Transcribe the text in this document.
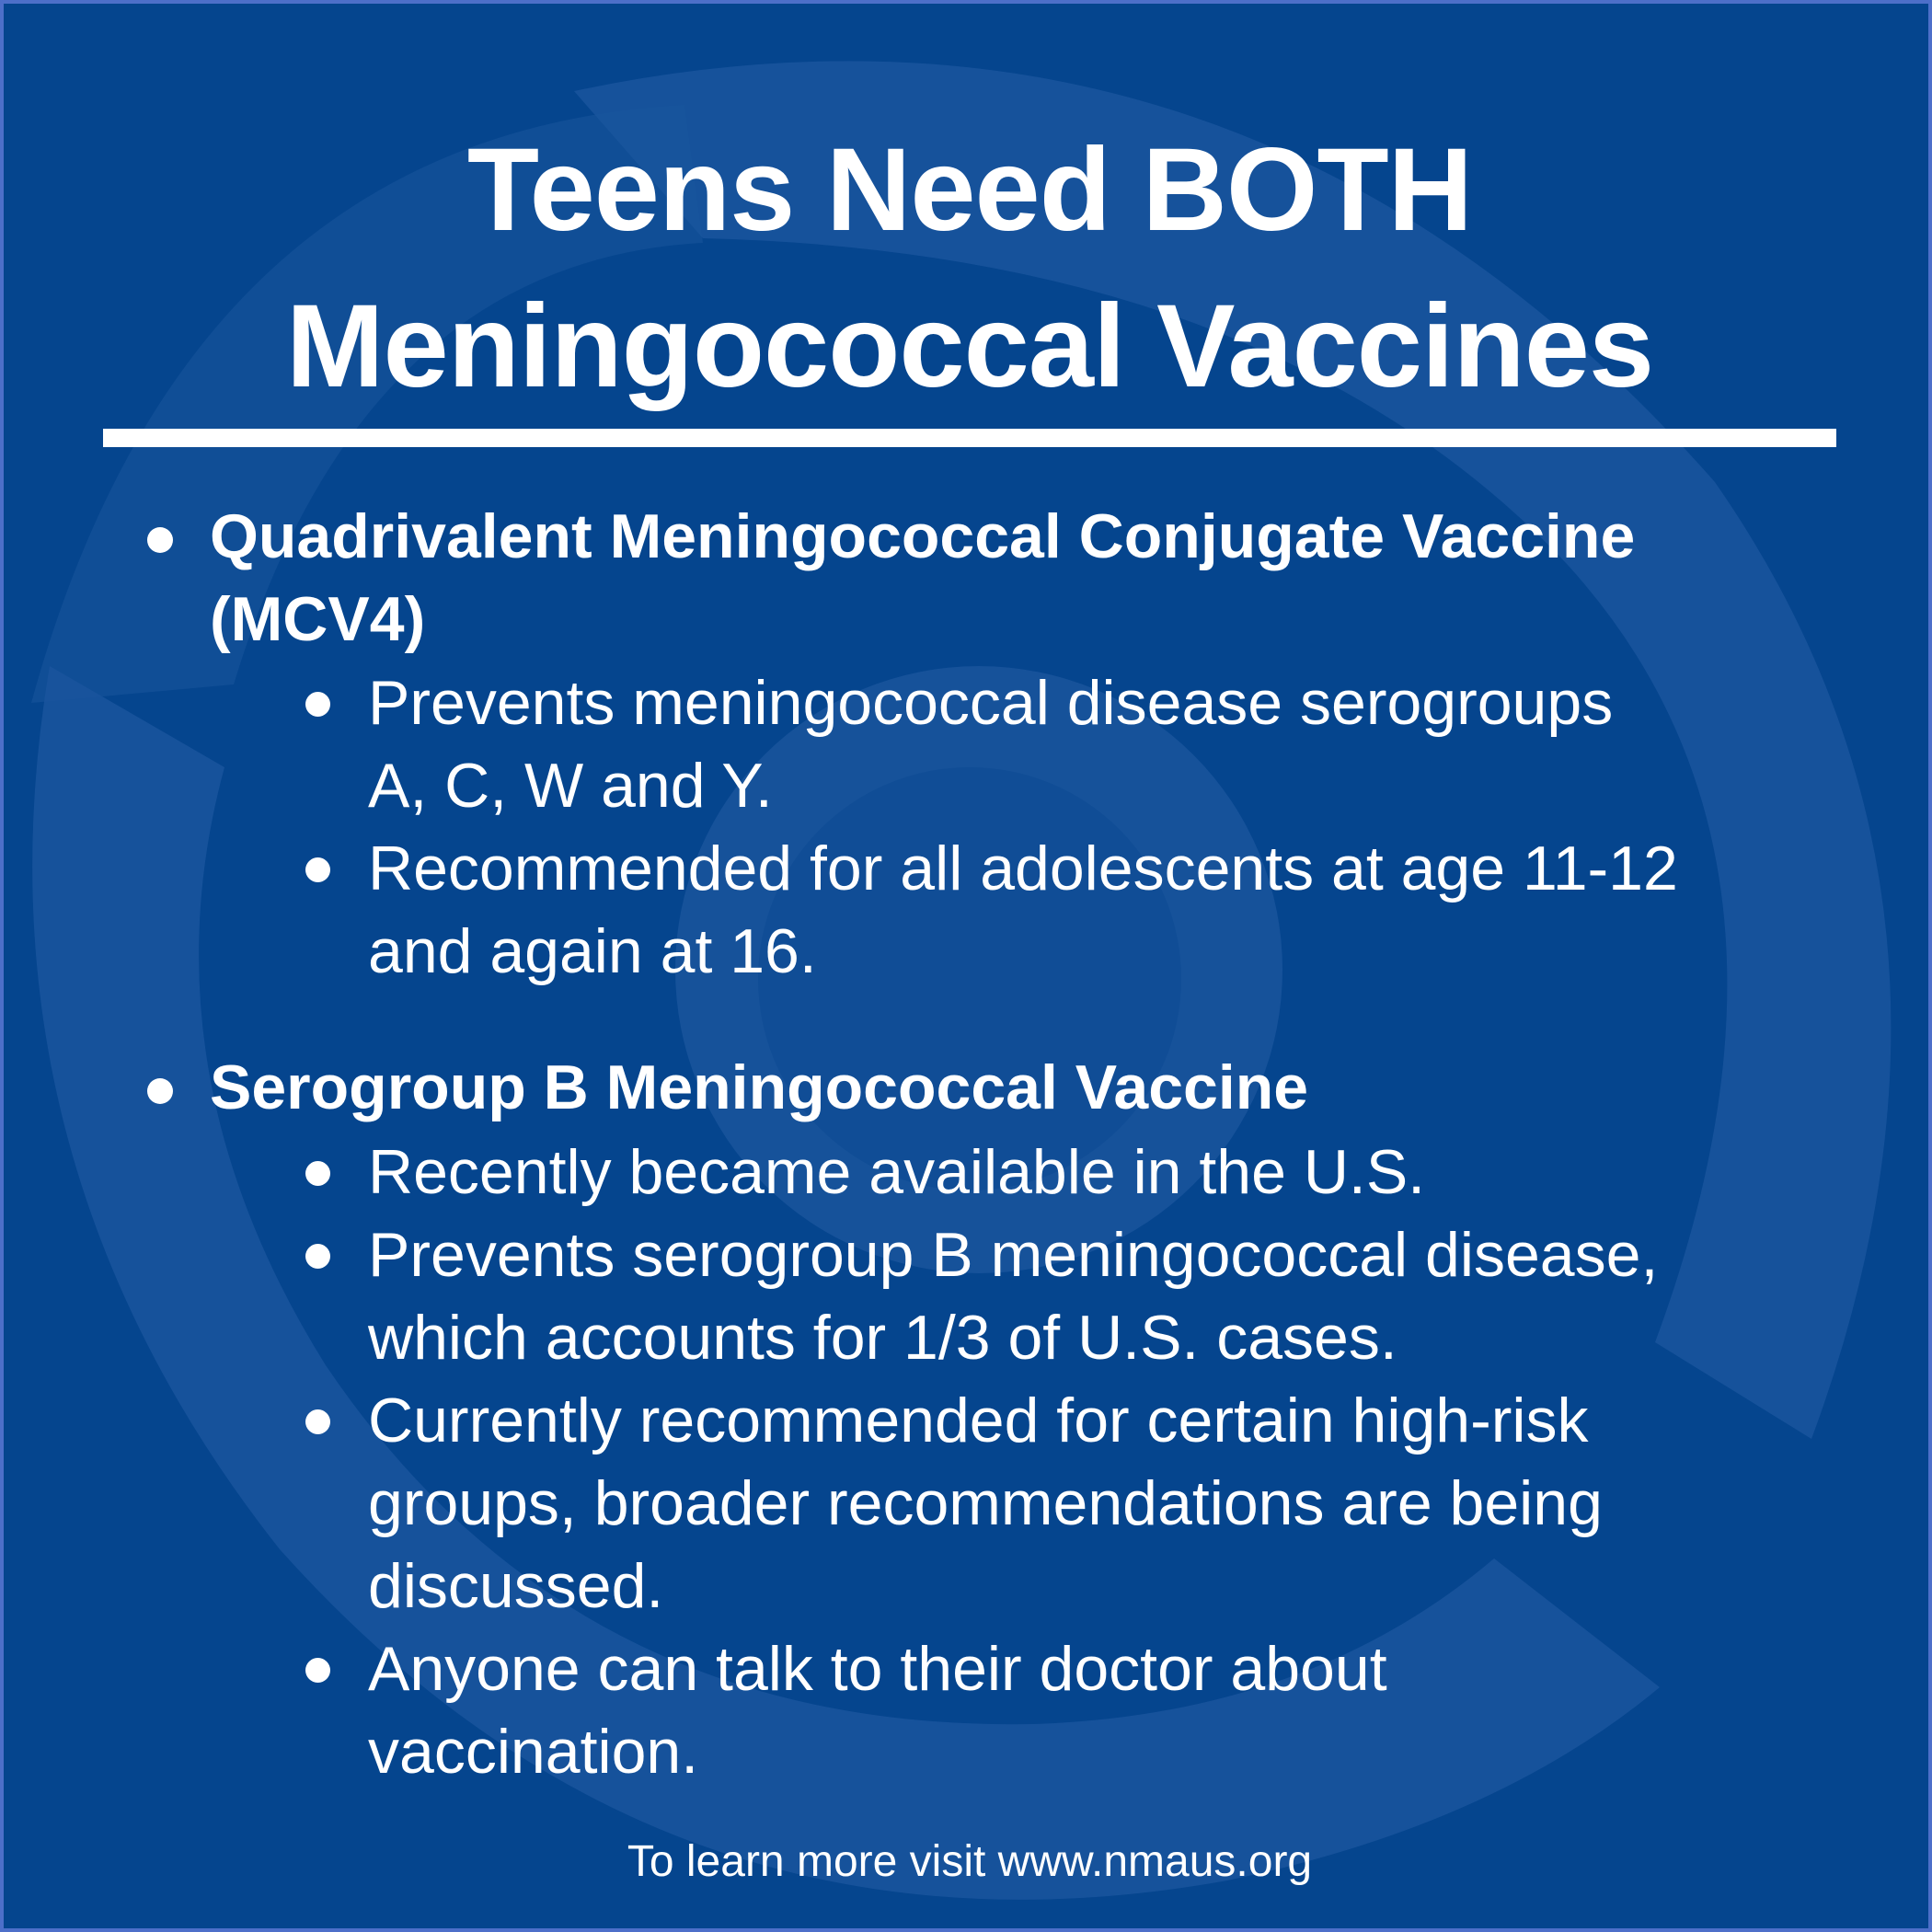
Teens Need BOTH
Meningococcal Vaccines
Quadrivalent Meningococcal Conjugate Vaccine
(MCV4)
Prevents meningococcal disease serogroups
A, C, W and Y.
Recommended for all adolescents at age 11-12
and again at 16.
Serogroup B Meningococcal Vaccine
Recently became available in the U.S.
Prevents serogroup B meningococcal disease,
which accounts for 1/3 of U.S. cases.
Currently recommended for certain high-risk
groups, broader recommendations are being
discussed.
Anyone can talk to their doctor about
vaccination.
To learn more visit www.nmaus.org
